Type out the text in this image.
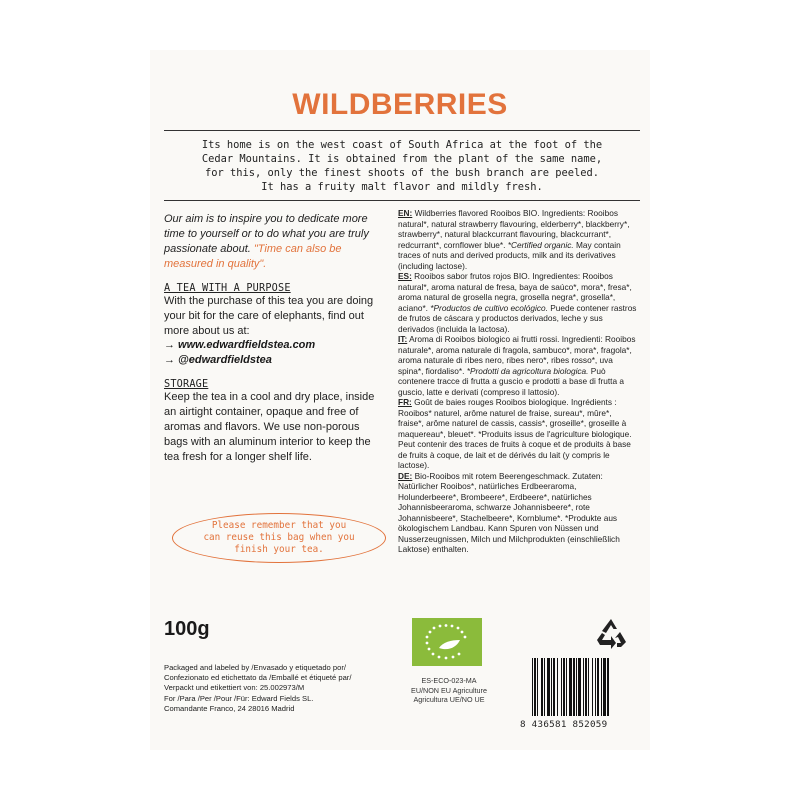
WILDBERRIES
Its home is on the west coast of South Africa at the foot of the
Cedar Mountains. It is obtained from the plant of the same name,
for this, only the finest shoots of the bush branch are peeled.
It has a fruity malt flavor and mildly fresh.
Our aim is to inspire you to dedicate more time to yourself or to do what you are truly passionate about. "Time can also be measured in quality".
A TEA WITH A PURPOSE
With the purchase of this tea you are doing your bit for the care of elephants, find out more about us at:
→ www.edwardfieldstea.com
→ @edwardfieldstea
STORAGE
Keep the tea in a cool and dry place, inside an airtight container, opaque and free of aromas and flavors. We use non-porous bags with an aluminum interior to keep the tea fresh for a longer shelf life.
Please remember that you
can reuse this bag when you
finish your tea.

EN: Wildberries flavored Rooibos BIO. Ingredients: Rooibos natural*, natural strawberry flavouring, elderberry*, blackberry*, strawberry*, natural blackcurrant flavouring, blackcurrant*, redcurrant*, cornflower blue*. *Certified organic. May contain traces of nuts and derived products, milk and its derivatives (including lactose).

ES: Rooibos sabor frutos rojos BIO. Ingredientes: Rooibos natural*, aroma natural de fresa, baya de saúco*, mora*, fresa*, aroma natural de grosella negra, grosella negra*, grosella*, aciano*. *Productos de cultivo ecológico. Puede contener rastros de frutos de cáscara y productos derivados, leche y sus derivados (incluida la lactosa).

IT: Aroma di Rooibos biologico ai frutti rossi. Ingredienti: Rooibos naturale*, aroma naturale di fragola, sambuco*, mora*, fragola*, aroma naturale di ribes nero, ribes nero*, ribes rosso*, uva spina*, fiordaliso*. *Prodotti da agricoltura biologica. Può contenere tracce di frutta a guscio e prodotti a base di frutta a guscio, latte e derivati (compreso il lattosio).

FR: Goût de baies rouges Rooibos biologique. Ingrédients : Rooibos* naturel, arôme naturel de fraise, sureau*, mûre*, fraise*, arôme naturel de cassis, cassis*, groseille*, groseille à maquereau*, bleuet*. *Produits issus de l'agriculture biologique. Peut contenir des traces de fruits à coque et de produits à base de fruits à coque, de lait et de dérivés du lait (y compris le lactose).

DE: Bio-Rooibos mit rotem Beerengeschmack. Zutaten: Natürlicher Rooibos*, natürliches Erdbeeraroma, Holunderbeere*, Brombeere*, Erdbeere*, natürliches Johannisbeeraroma, schwarze Johannisbeere*, rote Johannisbeere*, Stachelbeere*, Kornblume*. *Produkte aus ökologischem Landbau. Kann Spuren von Nüssen und Nusserzeugnissen, Milch und Milchprodukten (einschließlich Laktose) enthalten.

100g
Packaged and labeled by /Envasado y etiquetado por/
Confezionato ed etichettato da /Emballé et étiqueté par/
Verpackt und etikettiert von: 25.002973/M
For /Para /Per /Pour /Für: Edward Fields SL.
Comandante Franco, 24 28016 Madrid
ES-ECO-023-MA
EU/NON EU Agriculture
Agricultura UE/NO UE
8 436581 852059
